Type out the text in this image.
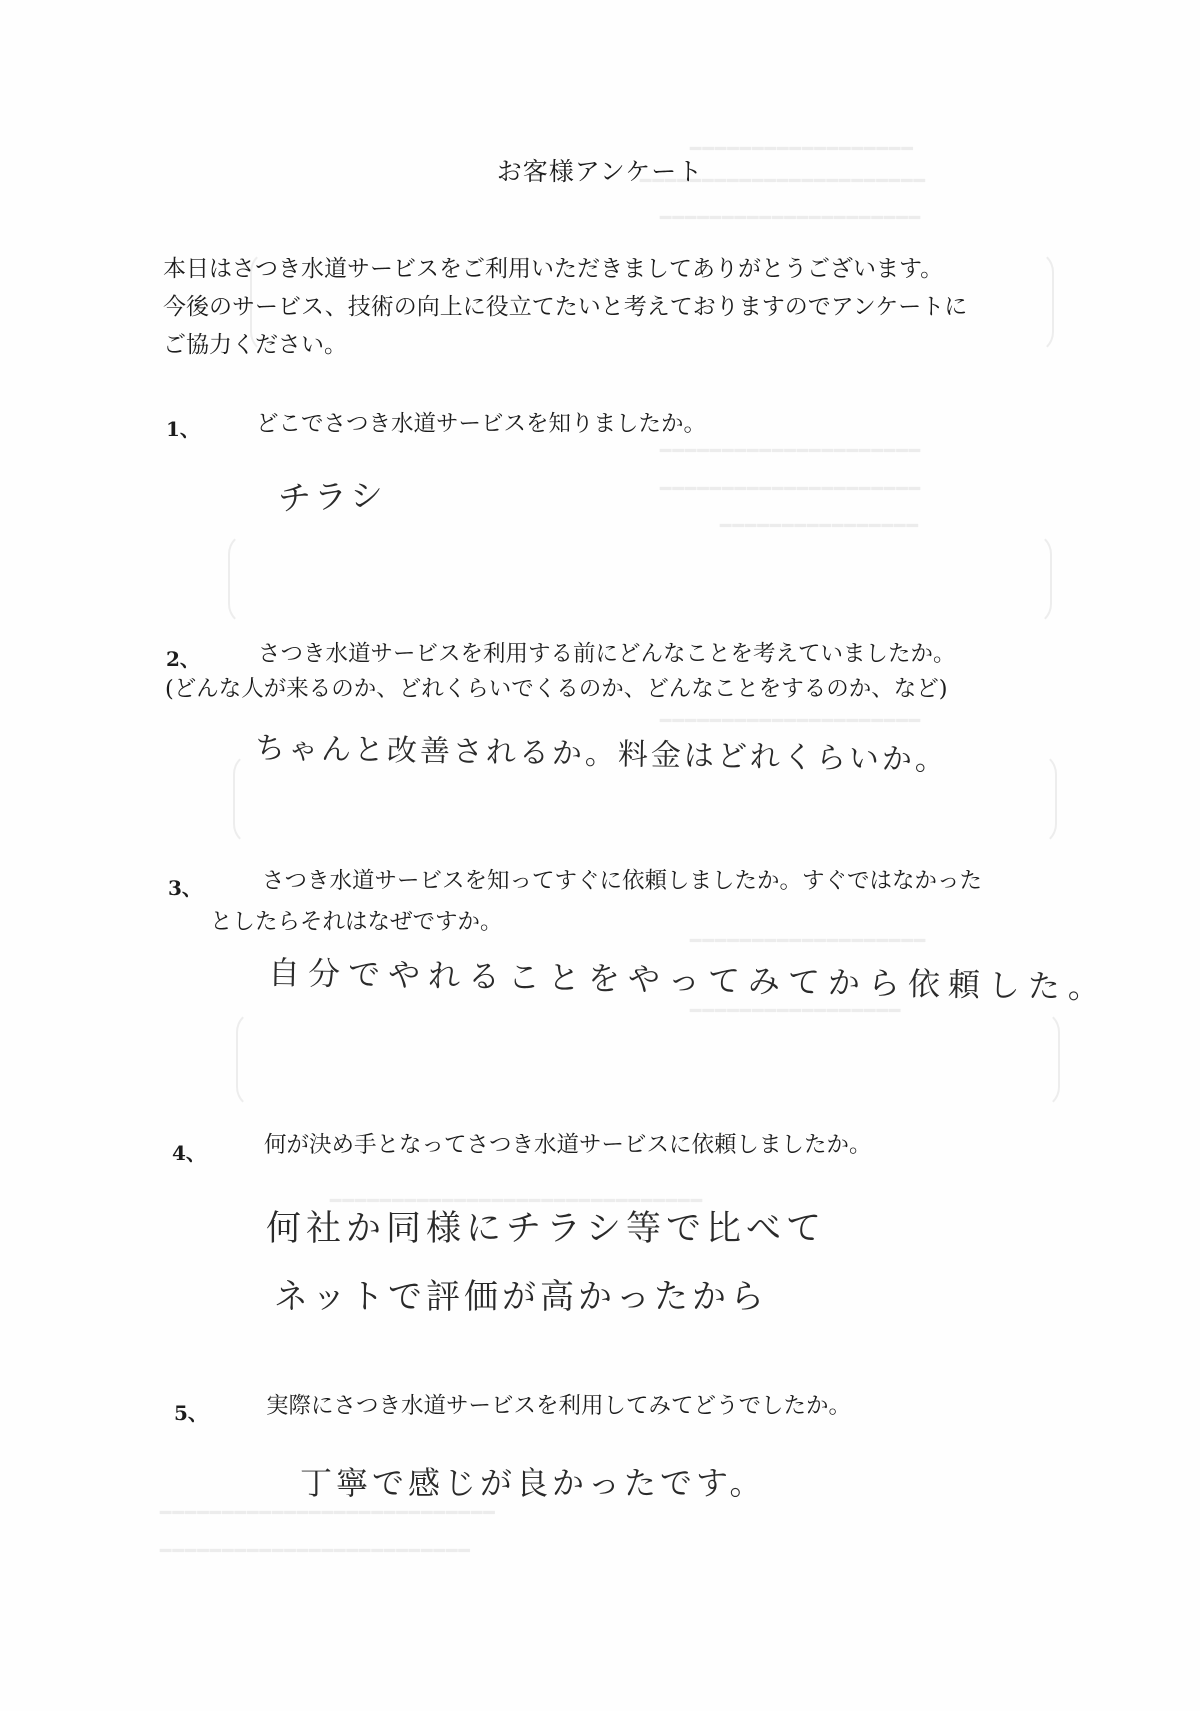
━━━━━━━━━━━━━━━━━━
━━━━━━━━━━━━━━━━━━━━━━━
━━━━━━━━━━━━━━━━━━━━━
━━━━━━━━━━━━━━━━━━━━━
━━━━━━━━━━━━━━━━━━━━━
━━━━━━━━━━━━━━━━
━━━━━━━━━━━━━━━━━━━━━
━━━━━━━━━━━━━━━━━━━
━━━━━━━━━━━━━━━━━
━━━━━━━━━━━━━━━━━━━━━━━━━━━━━━
━━━━━━━━━━━━━━━━━━━━━━━━━━━
━━━━━━━━━━━━━━━━━━━━━━━━━
お客様アンケート
本日はさつき水道サービスをご利用いただきましてありがとうございます。
今後のサービス、技術の向上に役立てたいと考えておりますのでアンケートに
ご協力ください。
1、 どこでさつき水道サービスを知りましたか。
チラシ
2、	さつき水道サービスを利用する前にどんなことを考えていましたか。
(どんな人が来るのか、どれくらいでくるのか、どんなことをするのか、など)
ちゃんと改善されるか。料金はどれくらいか。
3、	さつき水道サービスを知ってすぐに依頼しましたか。すぐではなかった
としたらそれはなぜですか。
自分でやれることをやってみてから依頼した。
4、	何が決め手となってさつき水道サービスに依頼しましたか。
何社か同様にチラシ等で比べて
ネットで評価が高かったから
5、	実際にさつき水道サービスを利用してみてどうでしたか。
丁寧で感じが良かったです。
